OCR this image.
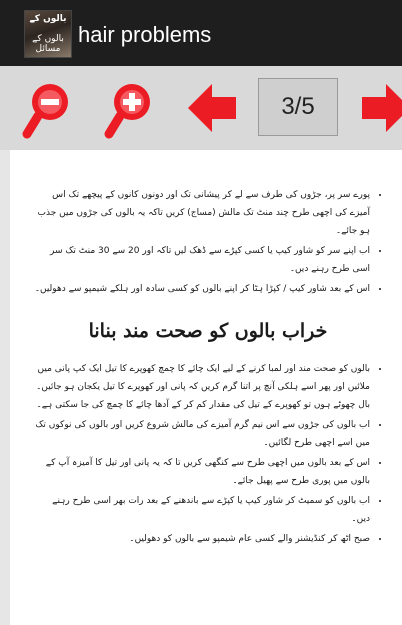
بالوں کے
بالوں کے مسائل
hair problems
3/5
• پورے سر پر، جڑوں کی طرف سے لے کر پیشانی تک اور دونوں کانوں کے پیچھے تک اس آمیزے کی اچھی طرح چند منٹ تک مالش (مساج) کریں تاکہ یہ بالوں کی جڑوں میں جذب ہو جائے۔
• اب اپنے سر کو شاور کیپ یا کسی کپڑے سے ڈھک لیں تاکہ اور 20 سے 30 منٹ تک سر اسی طرح رہنے دیں۔
• اس کے بعد شاور کیپ / کپڑا ہٹا کر اپنے بالوں کو کسی سادہ اور ہلکے شیمپو سے دھولیں۔
خراب بالوں کو صحت مند بنانا
• بالوں کو صحت مند اور لمبا کرنے کے لیے ایک چائے کا چمچ کھوپرے کا تیل ایک کپ پانی میں ملائیں اور پھر اسے ہلکی آنچ پر اتنا گرم کریں کہ پانی اور کھوپرے کا تیل یکجان ہو جائیں۔ بال چھوٹے ہوں تو کھوپرے کے تیل کی مقدار کم کر کے آدھا چائے کا چمچ کی جا سکتی ہے۔
• اب بالوں کی جڑوں سے اس نیم گرم آمیزے کی مالش شروع کریں اور بالوں کی نوکوں تک میں اسے اچھی طرح لگائیں۔
• اس کے بعد بالوں میں اچھی طرح سے کنگھی کریں تا کہ یہ پانی اور تیل کا آمیزہ آپ کے بالوں میں پوری طرح سے پھیل جائے۔
• اب بالوں کو سمیٹ کر شاور کیپ یا کپڑے سے باندھنے کے بعد رات بھر اسی طرح رہنے دیں۔
• صبح اٹھ کر کنڈیشنر والے کسی عام شیمپو سے بالوں کو دھولیں۔
